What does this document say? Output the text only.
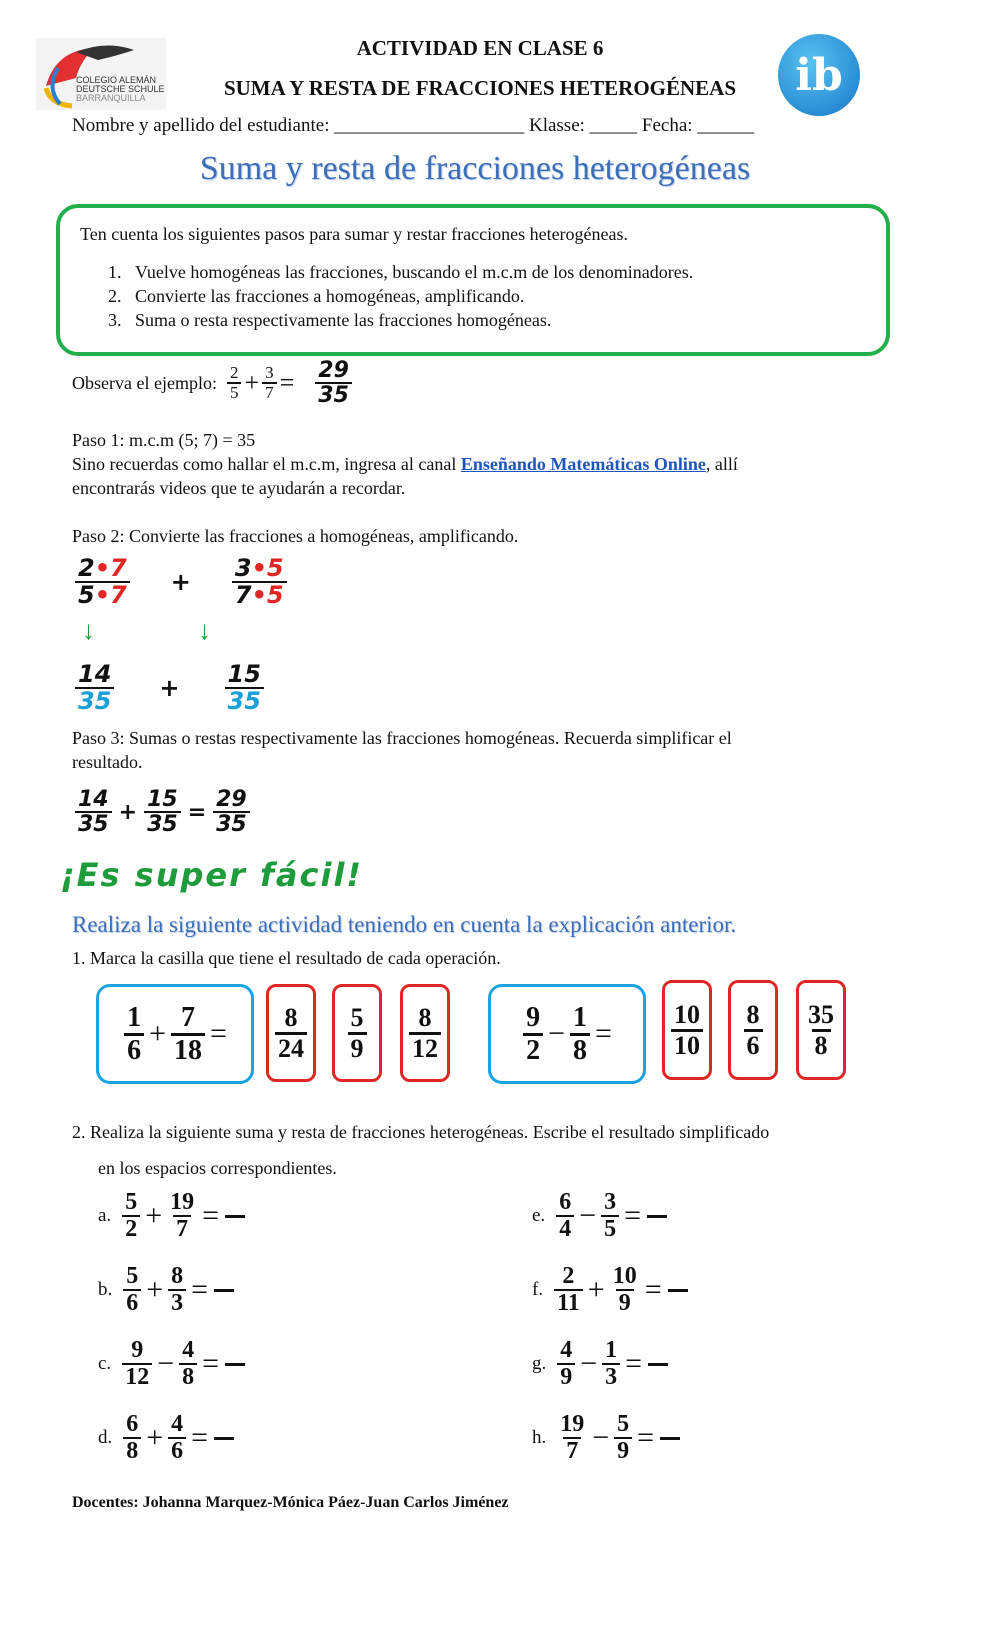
COLEGIO ALEMÁN
DEUTSCHE SCHULE
BARRANQUILLA
ACTIVIDAD EN CLASE 6
SUMA Y RESTA DE FRACCIONES HETEROGÉNEAS	ib
Nombre y apellido del estudiante: ____________________ Klasse: _____ Fecha: ______
Suma y resta de fracciones heterogéneas
Ten cuenta los siguientes pasos para sumar y restar fracciones heterogéneas.
1.   Vuelve homogéneas las fracciones, buscando el m.c.m de los denominadores.
2.   Convierte las fracciones a homogéneas, amplificando.
3.   Suma o resta respectivamente las fracciones homogéneas.
Observa el ejemplo: $\frac{2}{5} + \frac{3}{7} = \frac{29}{35}$
Paso 1: m.c.m (5; 7) = 35
Sino recuerdas como hallar el m.c.m, ingresa al canal Enseñando Matemáticas Online, allí
encontrarás videos que te ayudarán a recordar.
Paso 2: Convierte las fracciones a homogéneas, amplificando.
$\frac{2•7}{5•7} + \frac{3•5}{7•5}$
↓	↓
$\frac{14}{35} + \frac{15}{35}$
Paso 3: Sumas o restas respectivamente las fracciones homogéneas. Recuerda simplificar el
resultado.
$\frac{14}{35} + \frac{15}{35} = \frac{29}{35}$
¡Es super fácil!
Realiza la siguiente actividad teniendo en cuenta la explicación anterior.
1. Marca la casilla que tiene el resultado de cada operación.
$\frac{1}{6} + \frac{7}{18} = \frac{8}{24} \frac{5}{9} \frac{8}{12}$	$\frac{9}{2} - \frac{1}{8} = \frac{10}{10} \frac{8}{6} \frac{35}{8}$
2. Realiza la siguiente suma y resta de fracciones heterogéneas. Escribe el resultado simplificado
en los espacios correspondientes.
a. $\frac{5}{2} + \frac{19}{7}$ =
b. $\frac{5}{6} + \frac{8}{3}$ =
c. $\frac{9}{12} - \frac{4}{8}$ =
d. $\frac{6}{8} + \frac{4}{6}$ =
e. $\frac{6}{4} - \frac{3}{5}$ =
f. $\frac{2}{11} + \frac{10}{9}$ =
g. $\frac{4}{9} - \frac{1}{3}$ =
h. $\frac{19}{7} - \frac{5}{9}$ =
Docentes: Johanna Marquez-Mónica Páez-Juan Carlos Jiménez
